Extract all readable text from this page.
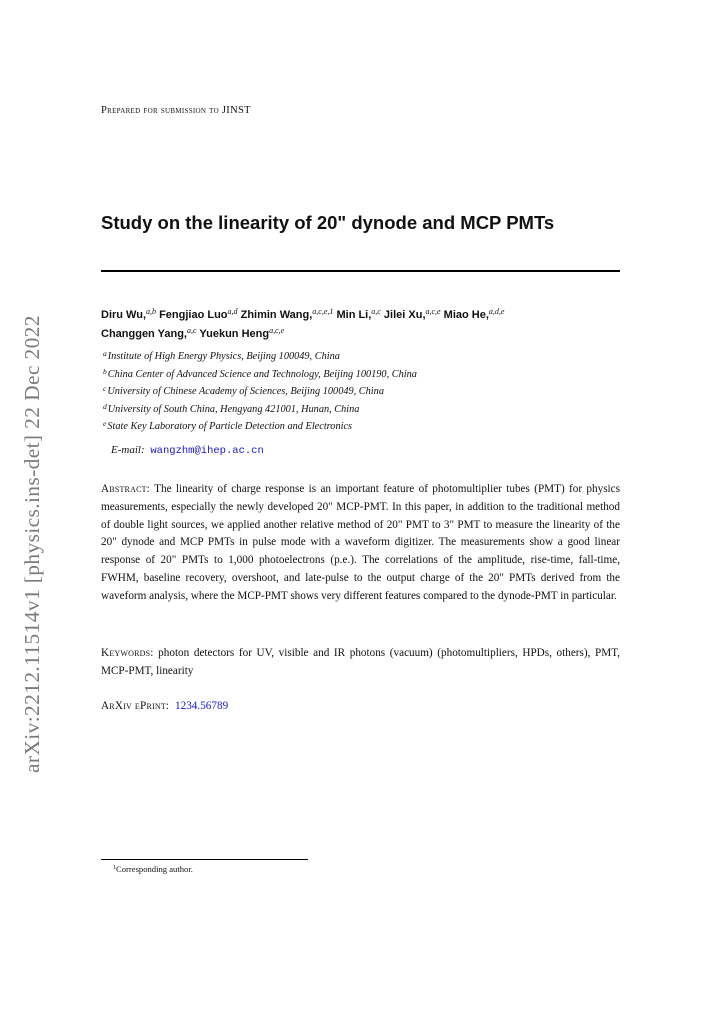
arXiv:2212.11514v1 [physics.ins-det] 22 Dec 2022
Prepared for submission to JINST
Study on the linearity of 20" dynode and MCP PMTs
Diru Wu,$^{a,b}$ Fengjiao Luo$^{a,d}$ Zhimin Wang,$^{a,c,e,1}$ Min Li,$^{a,c}$ Jilei Xu,$^{a,c,e}$ Miao He,$^{a,d,e}$
Changgen Yang,$^{a,c}$ Yuekun Heng$^{a,c,e}$
$^a$Institute of High Energy Physics, Beijing 100049, China
$^b$China Center of Advanced Science and Technology, Beijing 100190, China
$^c$University of Chinese Academy of Sciences, Beijing 100049, China
$^d$University of South China, Hengyang 421001, Hunan, China
$^e$State Key Laboratory of Particle Detection and Electronics
E-mail: wangzhm@ihep.ac.cn

Abstract: The linearity of charge response is an important feature of photomultiplier tubes (PMT) for physics measurements, especially the newly developed 20" MCP-PMT. In this paper, in addition to the traditional method of double light sources, we applied another relative method of 20" PMT to 3" PMT to measure the linearity of the 20" dynode and MCP PMTs in pulse mode with a waveform digitizer. The measurements show a good linear response of 20" PMTs to 1,000 photoelectrons (p.e.). The correlations of the amplitude, rise-time, fall-time, FWHM, baseline recovery, overshoot, and late-pulse to the output charge of the 20" PMTs derived from the waveform analysis, where the MCP-PMT shows very different features compared to the dynode-PMT in particular.

Keywords: photon detectors for UV, visible and IR photons (vacuum) (photomultipliers, HPDs, others), PMT, MCP-PMT, linearity

ArXiv ePrint: 1234.56789
$^1$Corresponding author.
